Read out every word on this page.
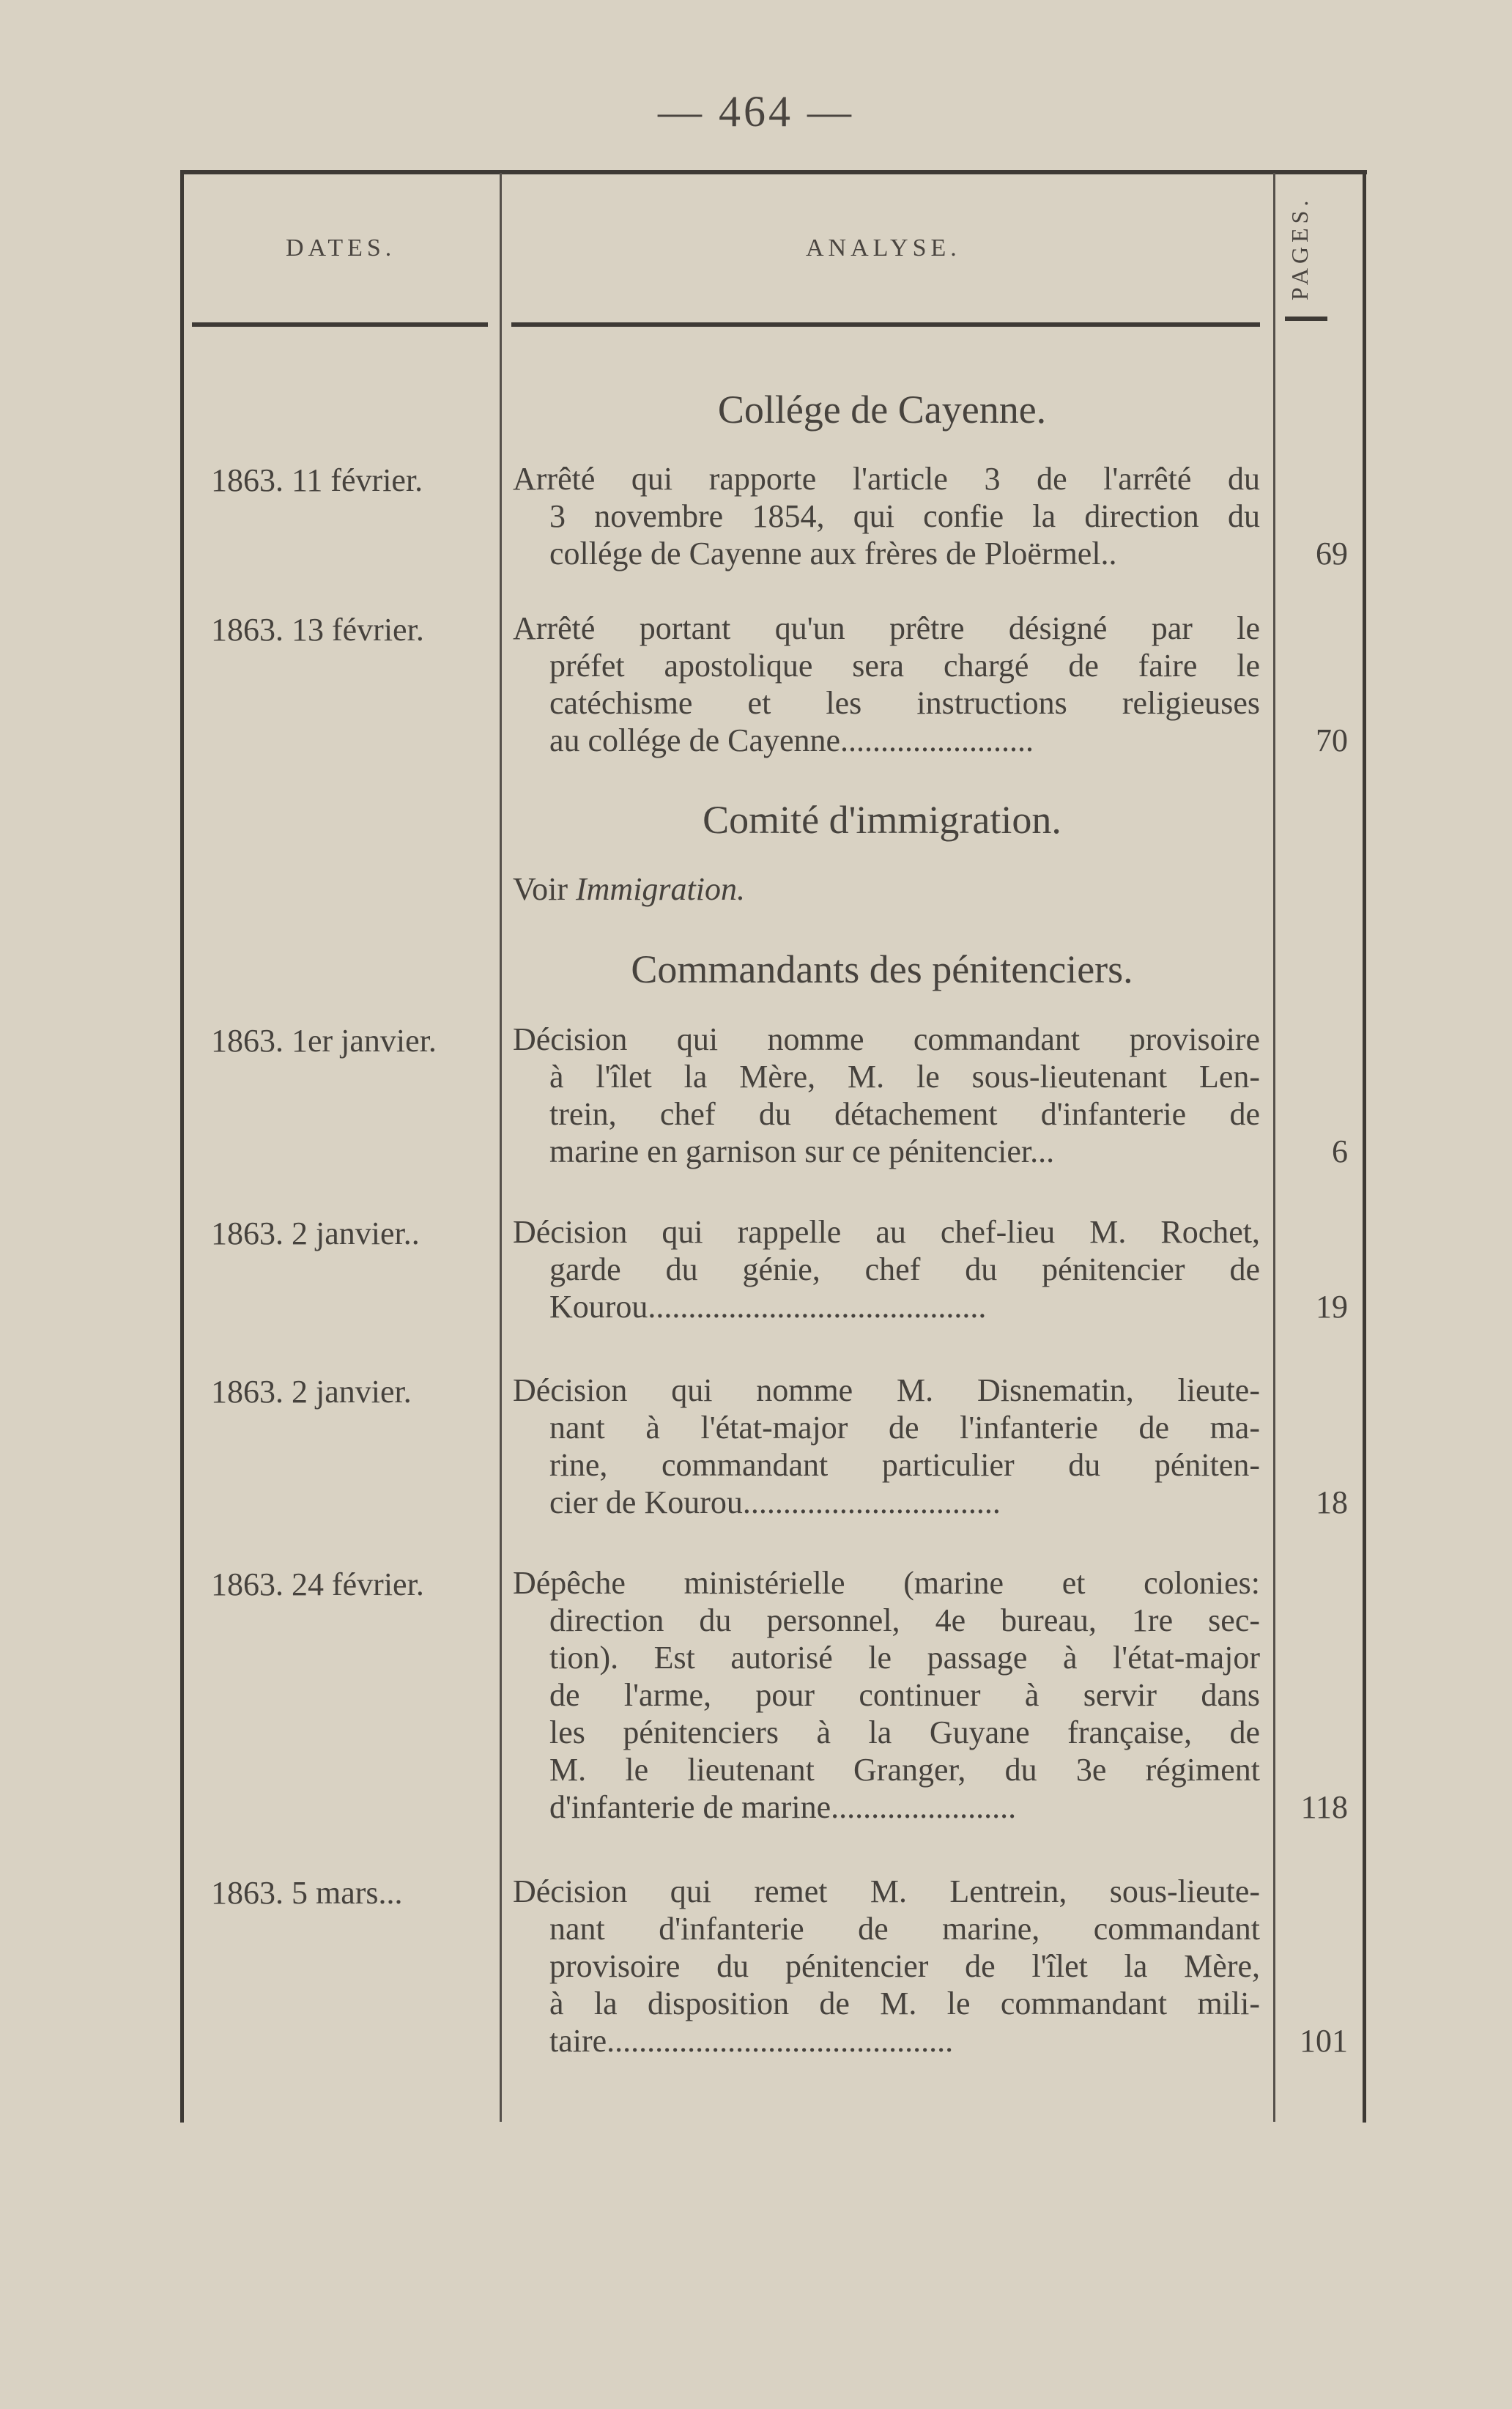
— 464 —
DATES.	ANALYSE.	PAGES.
Collége de Cayenne.
1863. 11 février.	Arrêté qui rapporte l'article 3 de l'arrêté du
3 novembre 1854, qui confie la direction du
collége de Cayenne aux frères de Ploërmel..	69
1863. 13 février.	Arrêté portant qu'un prêtre désigné par le
préfet apostolique sera chargé de faire le
catéchisme et les instructions religieuses
au collége de Cayenne........................	70
Comité d'immigration.
Voir Immigration.
Commandants des pénitenciers.
1863. 1er janvier. Décision qui nomme commandant provisoire
à l'îlet la Mère, M. le sous-lieutenant Len-
trein, chef du détachement d'infanterie de
marine en garnison sur ce pénitencier...	6
1863. 2 janvier..	Décision qui rappelle au chef-lieu M. Rochet,
garde du génie, chef du pénitencier de
Kourou..........................................	19
1863. 2 janvier.	Décision qui nomme M. Disnematin, lieute-
nant à l'état-major de l'infanterie de ma-
rine, commandant particulier du péniten-
cier de Kourou................................	18
1863. 24 février.	Dépêche ministérielle (marine et colonies:
direction du personnel, 4e bureau, 1re sec-
tion). Est autorisé le passage à l'état-major
de l'arme, pour continuer à servir dans
les pénitenciers à la Guyane française, de
M. le lieutenant Granger, du 3e régiment
d'infanterie de marine.......................	118
1863. 5 mars...	Décision qui remet M. Lentrein, sous-lieute-
nant d'infanterie de marine, commandant
provisoire du pénitencier de l'îlet la Mère,
à la disposition de M. le commandant mili-
taire...........................................	101
